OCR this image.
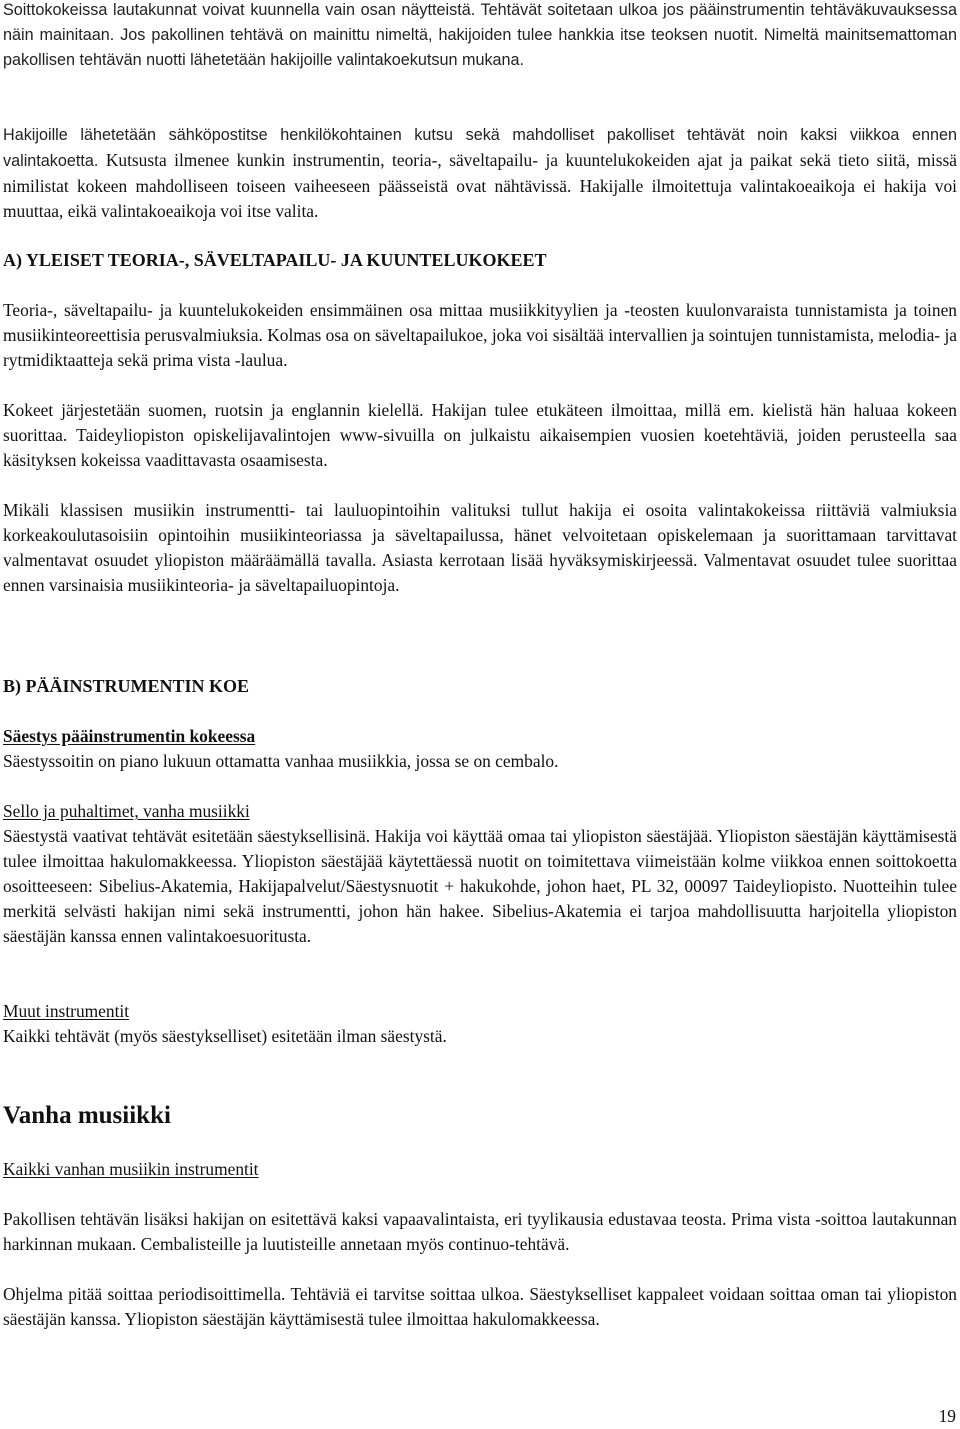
Soittokokeissa lautakunnat voivat kuunnella vain osan näytteistä. Tehtävät soitetaan ulkoa jos pääinstrumentin tehtäväkuvauksessa näin mainitaan. Jos pakollinen tehtävä on mainittu nimeltä, hakijoiden tulee hankkia itse teoksen nuotit. Nimeltä mainitsemattoman pakollisen tehtävän nuotti lähetetään hakijoille valintakoekutsun mukana.

Hakijoille lähetetään sähköpostitse henkilökohtainen kutsu sekä mahdolliset pakolliset tehtävät noin kaksi viikkoa ennen valintakoetta. Kutsusta ilmenee kunkin instrumentin, teoria-, säveltapailu- ja kuuntelukokeiden ajat ja paikat sekä tieto siitä, missä nimilistat kokeen mahdolliseen toiseen vaiheeseen päässeistä ovat nähtävissä. Hakijalle ilmoitettuja valintakoeaikoja ei hakija voi muuttaa, eikä valintakoeaikoja voi itse valita.

A) YLEISET TEORIA-, SÄVELTAPAILU- JA KUUNTELUKOKEET

Teoria-, säveltapailu- ja kuuntelukokeiden ensimmäinen osa mittaa musiikkityylien ja -teosten kuulonvaraista tunnistamista ja toinen musiikinteoreettisia perusvalmiuksia. Kolmas osa on säveltapailukoe, joka voi sisältää intervallien ja sointujen tunnistamista, melodia- ja rytmidiktaatteja sekä prima vista -laulua.

Kokeet järjestetään suomen, ruotsin ja englannin kielellä. Hakijan tulee etukäteen ilmoittaa, millä em. kielistä hän haluaa kokeen suorittaa. Taideyliopiston opiskelijavalintojen www-sivuilla on julkaistu aikaisempien vuosien koetehtäviä, joiden perusteella saa käsityksen kokeissa vaadittavasta osaamisesta.

Mikäli klassisen musiikin instrumentti- tai lauluopintoihin valituksi tullut hakija ei osoita valintakokeissa riittäviä valmiuksia korkeakoulutasoisiin opintoihin musiikinteoriassa ja säveltapailussa, hänet velvoitetaan opiskelemaan ja suorittamaan tarvittavat valmentavat osuudet yliopiston määräämällä tavalla. Asiasta kerrotaan lisää hyväksymiskirjeessä. Valmentavat osuudet tulee suorittaa ennen varsinaisia musiikinteoria- ja säveltapailuopintoja.

B) PÄÄINSTRUMENTIN KOE
Säestys pääinstrumentin kokeessa
Säestyssoitin on piano lukuun ottamatta vanhaa musiikkia, jossa se on cembalo.
Sello ja puhaltimet, vanha musiikki
Säestystä vaativat tehtävät esitetään säestyksellisinä. Hakija voi käyttää omaa tai yliopiston säestäjää. Yliopiston säestäjän käyttämisestä tulee ilmoittaa hakulomakkeessa. Yliopiston säestäjää käytettäessä nuotit on toimitettava viimeistään kolme viikkoa ennen soittokoetta osoitteeseen: Sibelius-Akatemia, Hakijapalvelut/Säestysnuotit + hakukohde, johon haet, PL 32, 00097 Taideyliopisto. Nuotteihin tulee merkitä selvästi hakijan nimi sekä instrumentti, johon hän hakee. Sibelius-Akatemia ei tarjoa mahdollisuutta harjoitella yliopiston säestäjän kanssa ennen valintakoesuoritusta.
Muut instrumentit
Kaikki tehtävät (myös säestykselliset) esitetään ilman säestystä.
Vanha musiikki
Kaikki vanhan musiikin instrumentit

Pakollisen tehtävän lisäksi hakijan on esitettävä kaksi vapaavalintaista, eri tyylikausia edustavaa teosta. Prima vista -soittoa lautakunnan harkinnan mukaan. Cembalisteille ja luutisteille annetaan myös continuo-tehtävä.

Ohjelma pitää soittaa periodisoittimella. Tehtäviä ei tarvitse soittaa ulkoa. Säestykselliset kappaleet voidaan soittaa oman tai yliopiston säestäjän kanssa. Yliopiston säestäjän käyttämisestä tulee ilmoittaa hakulomakkeessa.

19
